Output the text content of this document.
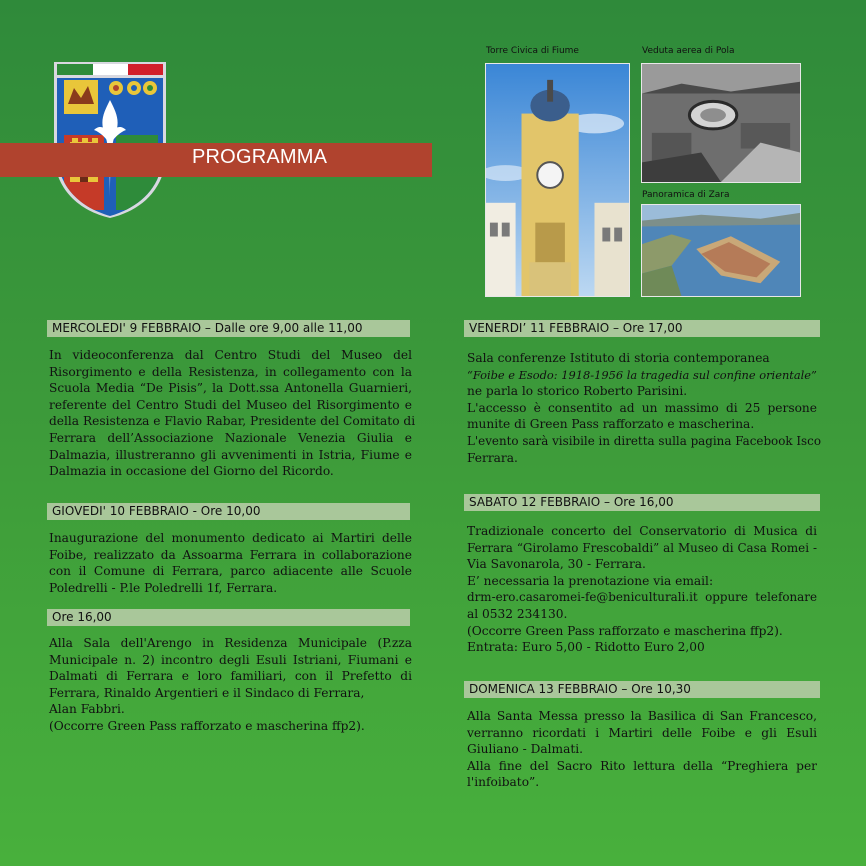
PROGRAMMA
Torre Civica di Fiume	Veduta aerea di Pola
Panoramica di Zara
MERCOLEDI' 9 FEBBRAIO – Dalle ore 9,00 alle 11,00
In videoconferenza dal Centro Studi del Museo del
Risorgimento e della Resistenza, in collegamento con la
Scuola Media “De Pisis”, la Dott.ssa Antonella Guarnieri,
referente del Centro Studi del Museo del Risorgimento e
della Resistenza e Flavio Rabar, Presidente del Comitato di
Ferrara dell’Associazione Nazionale Venezia Giulia e
Dalmazia, illustreranno gli avvenimenti in Istria, Fiume e
Dalmazia in occasione del Giorno del Ricordo.
GIOVEDI' 10 FEBBRAIO - Ore 10,00
Inaugurazione del monumento dedicato ai Martiri delle
Foibe, realizzato da Assoarma Ferrara in collaborazione
con il Comune di Ferrara, parco adiacente alle Scuole
Poledrelli - P.le Poledrelli 1f, Ferrara.
Ore 16,00
Alla Sala dell'Arengo in Residenza Municipale (P.zza
Municipale n. 2) incontro degli Esuli Istriani, Fiumani e
Dalmati di Ferrara e loro familiari, con il Prefetto di
Ferrara, Rinaldo Argentieri e il Sindaco di Ferrara,
Alan Fabbri.
(Occorre Green Pass rafforzato e mascherina ffp2).
VENERDI’ 11 FEBBRAIO – Ore 17,00
Sala conferenze Istituto di storia contemporanea
“Foibe e Esodo: 1918-1956 la tragedia sul confine orientale”
ne parla lo storico Roberto Parisini.
L'accesso è consentito ad un massimo di 25 persone
munite di Green Pass rafforzato e mascherina.
L'evento sarà visibile in diretta sulla pagina Facebook Isco
Ferrara.
SABATO 12 FEBBRAIO – Ore 16,00
Tradizionale concerto del Conservatorio di Musica di
Ferrara “Girolamo Frescobaldi” al Museo di Casa Romei -
Via Savonarola, 30 - Ferrara.
E’ necessaria la prenotazione via email:
drm-ero.casaromei-fe@beniculturali.it oppure telefonare
al 0532 234130.
(Occorre Green Pass rafforzato e mascherina ffp2).
Entrata: Euro 5,00 - Ridotto Euro 2,00
DOMENICA 13 FEBBRAIO – Ore 10,30
Alla Santa Messa presso la Basilica di San Francesco,
verranno ricordati i Martiri delle Foibe e gli Esuli
Giuliano - Dalmati.
Alla fine del Sacro Rito lettura della “Preghiera per
l'infoibato”.
